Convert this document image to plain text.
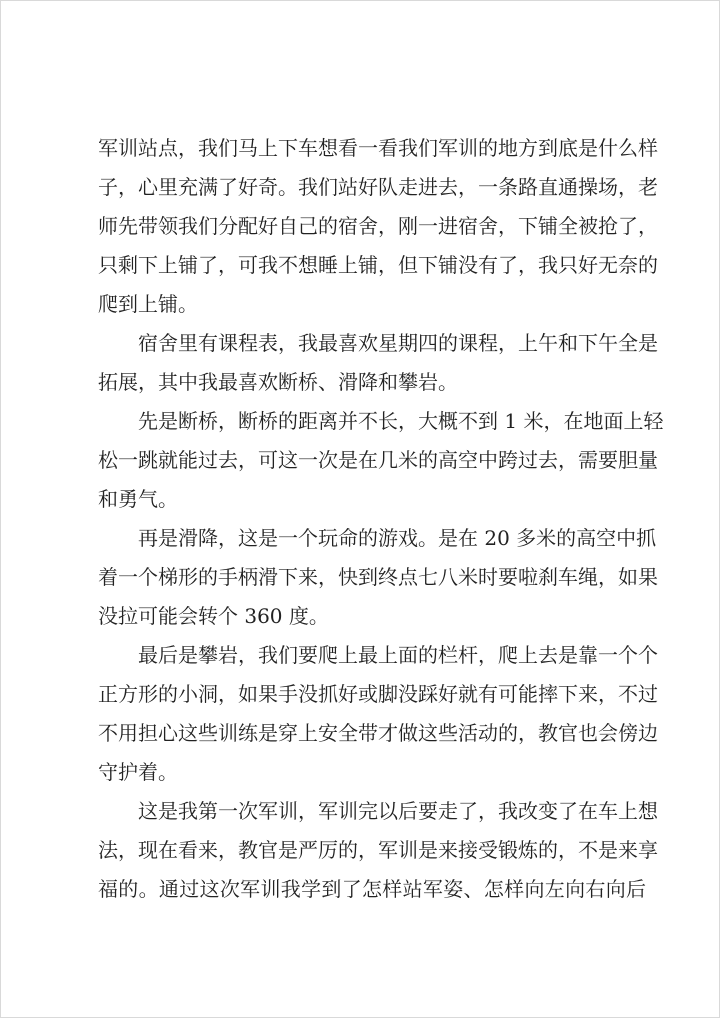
军训站点，我们马上下车想看一看我们军训的地方到底是什么样
子，心里充满了好奇。我们站好队走进去，一条路直通操场，老
师先带领我们分配好自己的宿舍，刚一进宿舍，下铺全被抢了，
只剩下上铺了，可我不想睡上铺，但下铺没有了，我只好无奈的
爬到上铺。
宿舍里有课程表，我最喜欢星期四的课程，上午和下午全是
拓展，其中我最喜欢断桥、滑降和攀岩。
先是断桥，断桥的距离并不长，大概不到 1 米，在地面上轻
松一跳就能过去，可这一次是在几米的高空中跨过去，需要胆量
和勇气。
再是滑降，这是一个玩命的游戏。是在 20 多米的高空中抓
着一个梯形的手柄滑下来，快到终点七八米时要啦刹车绳，如果
没拉可能会转个 360 度。
最后是攀岩，我们要爬上最上面的栏杆，爬上去是靠一个个
正方形的小洞，如果手没抓好或脚没踩好就有可能摔下来，不过
不用担心这些训练是穿上安全带才做这些活动的，教官也会傍边
守护着。
这是我第一次军训，军训完以后要走了，我改变了在车上想
法，现在看来，教官是严厉的，军训是来接受锻炼的，不是来享
福的。通过这次军训我学到了怎样站军姿、怎样向左向右向后
